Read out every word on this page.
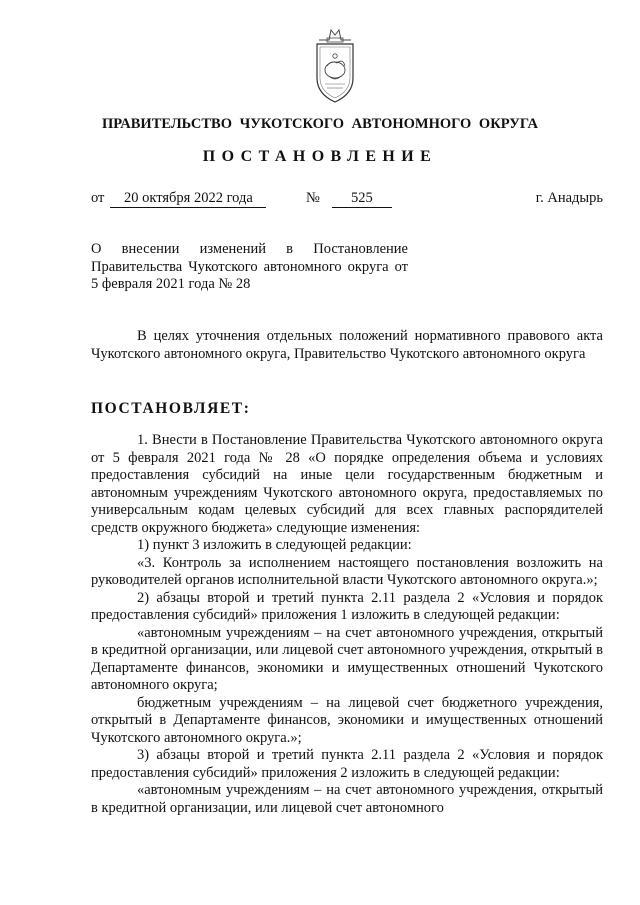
ПРАВИТЕЛЬСТВО ЧУКОТСКОГО АВТОНОМНОГО ОКРУГА
ПОСТАНОВЛЕНИЕ
от 20 октября 2022 года	№ 525	г. Анадырь
О внесении изменений в Постановление Правительства Чукотского автономного округа от 5 февраля 2021 года № 28
В целях уточнения отдельных положений нормативного правового акта Чукотского автономного округа, Правительство Чукотского автономного округа
ПОСТАНОВЛЯЕТ:

1. Внести в Постановление Правительства Чукотского автономного округа от 5 февраля 2021 года № 28 «О порядке определения объема и условиях предоставления субсидий на иные цели государственным бюджетным и автономным учреждениям Чукотского автономного округа, предоставляемых по универсальным кодам целевых субсидий для всех главных распорядителей средств окружного бюджета» следующие изменения:

1) пункт 3 изложить в следующей редакции:

«3. Контроль за исполнением настоящего постановления возложить на руководителей органов исполнительной власти Чукотского автономного округа.»;

2) абзацы второй и третий пункта 2.11 раздела 2 «Условия и порядок предоставления субсидий» приложения 1 изложить в следующей редакции:

«автономным учреждениям – на счет автономного учреждения, открытый в кредитной организации, или лицевой счет автономного учреждения, открытый в Департаменте финансов, экономики и имущественных отношений Чукотского автономного округа;

бюджетным учреждениям – на лицевой счет бюджетного учреждения, открытый в Департаменте финансов, экономики и имущественных отношений Чукотского автономного округа.»;

3) абзацы второй и третий пункта 2.11 раздела 2 «Условия и порядок предоставления субсидий» приложения 2 изложить в следующей редакции:

«автономным учреждениям – на счет автономного учреждения, открытый в кредитной организации, или лицевой счет автономного
